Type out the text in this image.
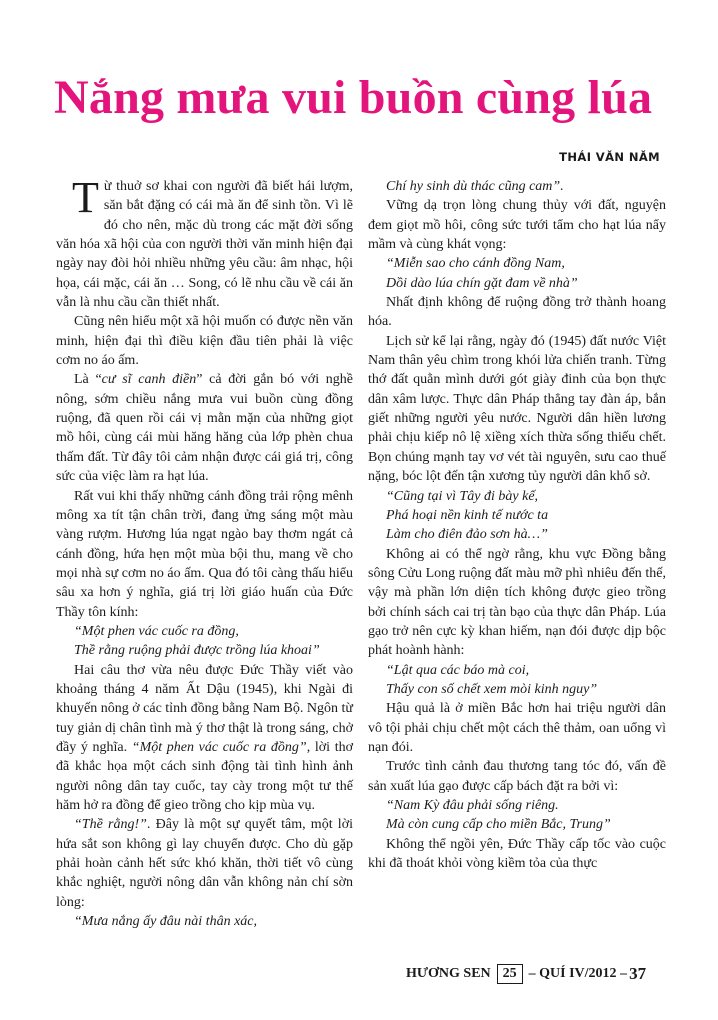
Nắng mưa vui buồn cùng lúa
THÁI VĂN NĂM

Từ thuở sơ khai con người đã biết hái lượm, săn bắt đặng có cái mà ăn để sinh tồn. Vì lẽ đó cho nên, mặc dù trong các mặt đời sống văn hóa xã hội của con người thời văn minh hiện đại ngày nay đòi hỏi nhiều những yêu cầu: âm nhạc, hội họa, cái mặc, cái ăn … Song, có lẽ nhu cầu về cái ăn vẫn là nhu cầu cần thiết nhất.

Cũng nên hiểu một xã hội muốn có được nền văn minh, hiện đại thì điều kiện đầu tiên phải là việc cơm no áo ấm.

Là “cư sĩ canh điền” cả đời gắn bó với nghề nông, sớm chiều nắng mưa vui buồn cùng đồng ruộng, đã quen rồi cái vị mằn mặn của những giọt mồ hôi, cùng cái mùi hăng hăng của lớp phèn chua thấm đất. Từ đây tôi cảm nhận được cái giá trị, công sức của việc làm ra hạt lúa.

Rất vui khi thấy những cánh đồng trải rộng mênh mông xa tít tận chân trời, đang ửng sáng một màu vàng rượm. Hương lúa ngạt ngào bay thơm ngát cả cánh đồng, hứa hẹn một mùa bội thu, mang về cho mọi nhà sự cơm no áo ấm. Qua đó tôi càng thấu hiểu sâu xa hơn ý nghĩa, giá trị lời giáo huấn của Đức Thầy tôn kính:

“Một phen vác cuốc ra đồng,

Thề rằng ruộng phải được trồng lúa khoai”

Hai câu thơ vừa nêu được Đức Thầy viết vào khoảng tháng 4 năm Ất Dậu (1945), khi Ngài đi khuyến nông ở các tỉnh đồng bằng Nam Bộ. Ngôn từ tuy giản dị chân tình mà ý thơ thật là trong sáng, chở đầy ý nghĩa. “Một phen vác cuốc ra đồng”, lời thơ đã khắc họa một cách sinh động tài tình hình ảnh người nông dân tay cuốc, tay cày trong một tư thế hăm hở ra đồng để gieo trồng cho kịp mùa vụ.

“Thề rằng!”. Đây là một sự quyết tâm, một lời hứa sắt son không gì lay chuyển được. Cho dù gặp phải hoàn cảnh hết sức khó khăn, thời tiết vô cùng khắc nghiệt, người nông dân vẫn không nản chí sờn lòng:

“Mưa nắng ấy đâu nài thân xác,

Chí hy sinh dù thác cũng cam”.

Vững dạ trọn lòng chung thủy với đất, nguyện đem giọt mồ hôi, công sức tưới tẩm cho hạt lúa nẩy mầm và cùng khát vọng:

“Miễn sao cho cánh đồng Nam,

Dồi dào lúa chín gặt đam về nhà”

Nhất định không để ruộng đồng trở thành hoang hóa.

Lịch sử kể lại rằng, ngày đó (1945) đất nước Việt Nam thân yêu chìm trong khói lửa chiến tranh. Từng thớ đất quằn mình dưới gót giày đinh của bọn thực dân xâm lược. Thực dân Pháp thẳng tay đàn áp, bắn giết những người yêu nước. Người dân hiền lương phải chịu kiếp nô lệ xiềng xích thừa sống thiếu chết. Bọn chúng mạnh tay vơ vét tài nguyên, sưu cao thuế nặng, bóc lột đến tận xương tủy người dân khổ sở.

“Cũng tại vì Tây đi bày kế,

Phá hoại nền kinh tế nước ta

Làm cho điên đảo sơn hà…”

Không ai có thể ngờ rằng, khu vực Đồng bằng sông Cửu Long ruộng đất màu mỡ phì nhiêu đến thế, vậy mà phần lớn diện tích không được gieo trồng bởi chính sách cai trị tàn bạo của thực dân Pháp. Lúa gạo trở nên cực kỳ khan hiếm, nạn đói được dịp bộc phát hoành hành:

“Lật qua các báo mà coi,

Thấy con số chết xem mòi kinh nguy”

Hậu quả là ở miền Bắc hơn hai triệu người dân vô tội phải chịu chết một cách thê thảm, oan uổng vì nạn đói.

Trước tình cảnh đau thương tang tóc đó, vấn đề sản xuất lúa gạo được cấp bách đặt ra bởi vì:

“Nam Kỳ đâu phải sống riêng.

Mà còn cung cấp cho miền Bắc, Trung”

Không thể ngồi yên, Đức Thầy cấp tốc vào cuộc khi đã thoát khỏi vòng kiềm tỏa của thực

HƯƠNG SEN 25 – QUÍ IV/2012 – 37
